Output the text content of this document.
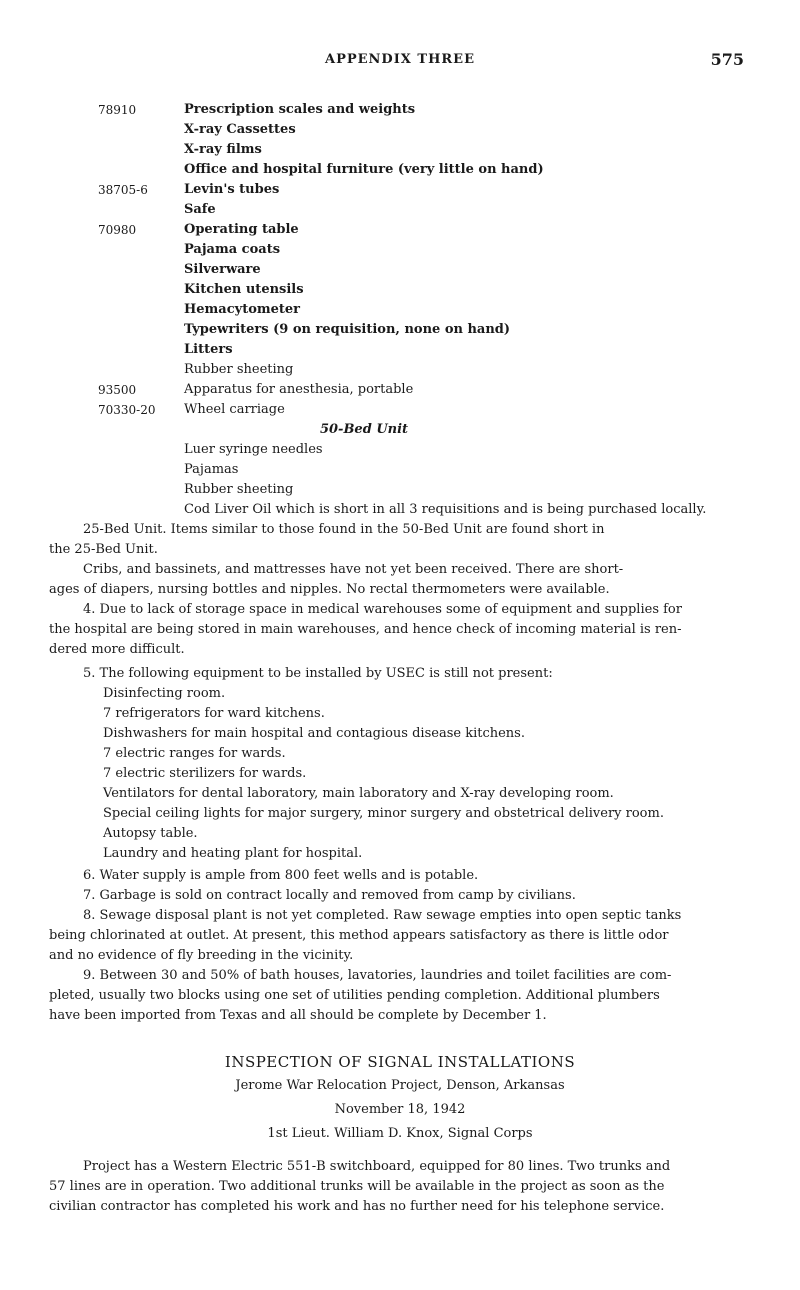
APPENDIX THREE	575
78910	Prescription scales and weights
X-ray Cassettes
X-ray films
Office and hospital furniture (very little on hand)
38705-6	Levin's tubes
Safe
70980	Operating table
Pajama coats
Silverware
Kitchen utensils
Hemacytometer
Typewriters (9 on requisition, none on hand)
Litters
Rubber sheeting
93500	Apparatus for anesthesia, portable
70330-20	Wheel carriage
50-Bed Unit
Luer syringe needles
Pajamas
Rubber sheeting
Cod Liver Oil which is short in all 3 requisitions and is being purchased locally.
25-Bed Unit. Items similar to those found in the 50-Bed Unit are found short in
the 25-Bed Unit.
Cribs, and bassinets, and mattresses have not yet been received. There are short-
ages of diapers, nursing bottles and nipples. No rectal thermometers were available.
4. Due to lack of storage space in medical warehouses some of equipment and supplies for
the hospital are being stored in main warehouses, and hence check of incoming material is ren-
dered more difficult.
5. The following equipment to be installed by USEC is still not present:
Disinfecting room.
7 refrigerators for ward kitchens.
Dishwashers for main hospital and contagious disease kitchens.
7 electric ranges for wards.
7 electric sterilizers for wards.
Ventilators for dental laboratory, main laboratory and X-ray developing room.
Special ceiling lights for major surgery, minor surgery and obstetrical delivery room.
Autopsy table.
Laundry and heating plant for hospital.
6. Water supply is ample from 800 feet wells and is potable.
7. Garbage is sold on contract locally and removed from camp by civilians.
8. Sewage disposal plant is not yet completed. Raw sewage empties into open septic tanks
being chlorinated at outlet. At present, this method appears satisfactory as there is little odor
and no evidence of fly breeding in the vicinity.
9. Between 30 and 50% of bath houses, lavatories, laundries and toilet facilities are com-
pleted, usually two blocks using one set of utilities pending completion. Additional plumbers
have been imported from Texas and all should be complete by December 1.
INSPECTION OF SIGNAL INSTALLATIONS
Jerome War Relocation Project, Denson, Arkansas
November 18, 1942
1st Lieut. William D. Knox, Signal Corps
Project has a Western Electric 551-B switchboard, equipped for 80 lines. Two trunks and
57 lines are in operation. Two additional trunks will be available in the project as soon as the
civilian contractor has completed his work and has no further need for his telephone service.
